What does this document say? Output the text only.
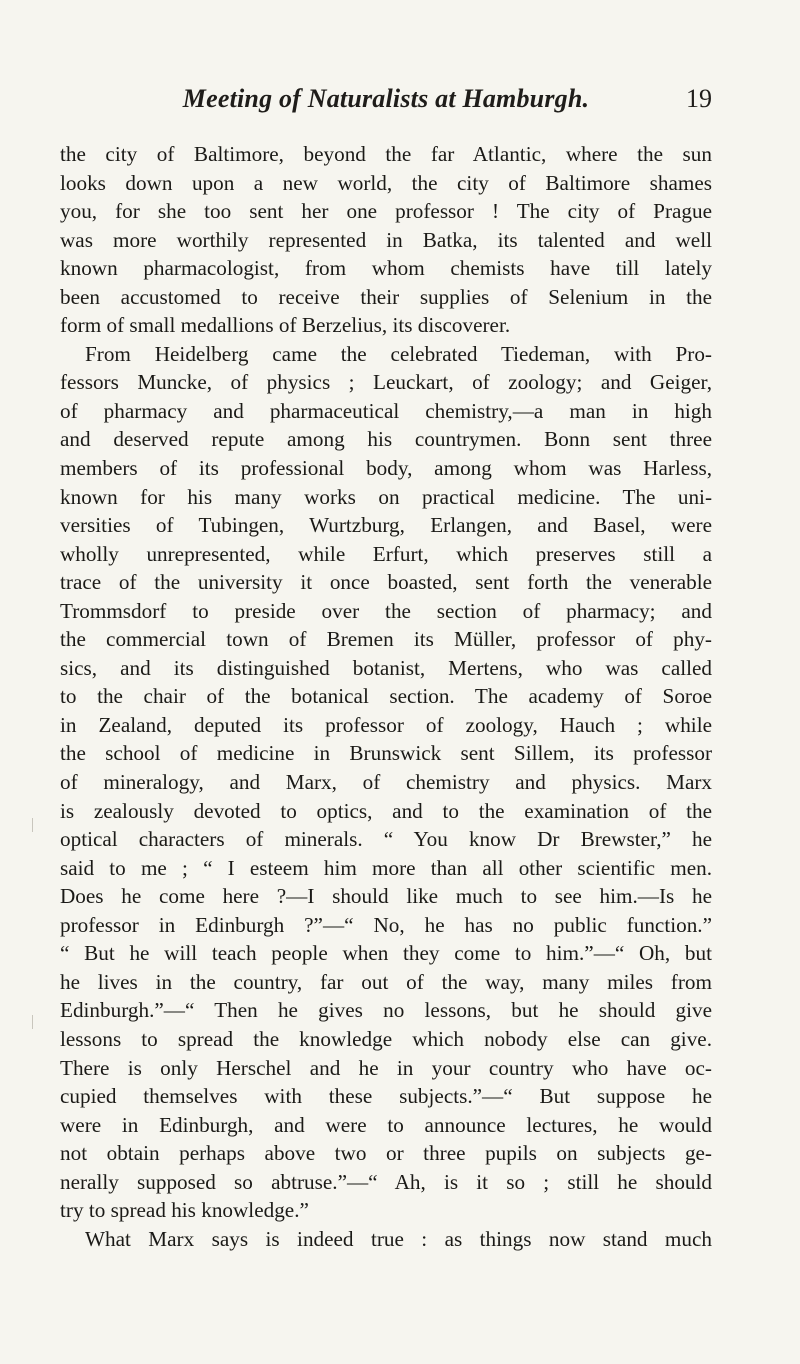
Meeting of Naturalists at Hamburgh.	19
the city of Baltimore, beyond the far Atlantic, where the sun
looks down upon a new world, the city of Baltimore shames
you, for she too sent her one professor ! The city of Prague
was more worthily represented in Batka, its talented and well
known pharmacologist, from whom chemists have till lately
been accustomed to receive their supplies of Selenium in the
form of small medallions of Berzelius, its discoverer.
From Heidelberg came the celebrated Tiedeman, with Pro-
fessors Muncke, of physics ; Leuckart, of zoology; and Geiger,
of pharmacy and pharmaceutical chemistry,—a man in high
and deserved repute among his countrymen. Bonn sent three
members of its professional body, among whom was Harless,
known for his many works on practical medicine. The uni-
versities of Tubingen, Wurtzburg, Erlangen, and Basel, were
wholly unrepresented, while Erfurt, which preserves still a
trace of the university it once boasted, sent forth the venerable
Trommsdorf to preside over the section of pharmacy; and
the commercial town of Bremen its Müller, professor of phy-
sics, and its distinguished botanist, Mertens, who was called
to the chair of the botanical section. The academy of Soroe
in Zealand, deputed its professor of zoology, Hauch ; while
the school of medicine in Brunswick sent Sillem, its professor
of mineralogy, and Marx, of chemistry and physics. Marx
is zealously devoted to optics, and to the examination of the
optical characters of minerals. “ You know Dr Brewster,” he
said to me ; “ I esteem him more than all other scientific men.
Does he come here ?—I should like much to see him.—Is he
professor in Edinburgh ?”—“ No, he has no public function.”
“ But he will teach people when they come to him.”—“ Oh, but
he lives in the country, far out of the way, many miles from
Edinburgh.”—“ Then he gives no lessons, but he should give
lessons to spread the knowledge which nobody else can give.
There is only Herschel and he in your country who have oc-
cupied themselves with these subjects.”—“ But suppose he
were in Edinburgh, and were to announce lectures, he would
not obtain perhaps above two or three pupils on subjects ge-
nerally supposed so abtruse.”—“ Ah, is it so ; still he should
try to spread his knowledge.”
What Marx says is indeed true : as things now stand much
